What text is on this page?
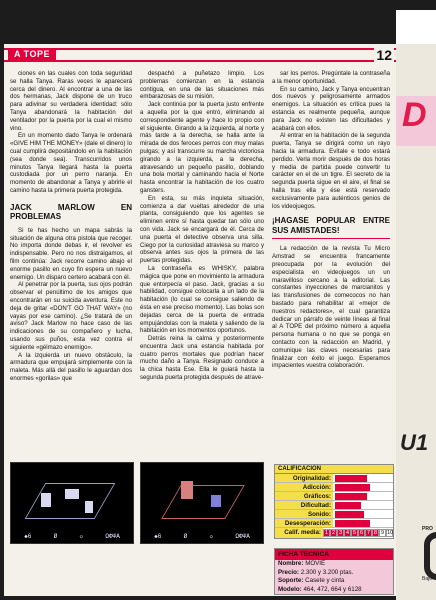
D
U1
PRO
Bajo
A TOPE	12

ciones en las cuales con toda seguridad se halla Tanya. Raras veces le aparecerá cerca del dinero. Al encontrar a una de las dos hermanas, Jack dispone de un truco para adivinar su verdadera identidad: sólo Tanya abandonará la habitación del ventilador por la puerta por la cual el mismo vino.

En un momento dado Tanya le ordenará «GIVE HIM THE MONEY» (dale el dinero) lo cual cumplirá depositándolo en la habitación (sea donde sea). Transcurridos unos minutos Tanya llegará hasta la puerta custodiada por un perro naranja. En momento de abandonar a Tanya y abrirle el camino hasta la primera puerta protegida.

JACK MARLOW EN PROBLEMAS

Si te has hecho un mapa sabrás la situación de alguna otra pistola que recoger. No importa donde debas ir, el revolver es indispensable. Pero no nos distraigamos, el film continúa: Jack recorre camino abajo el enorme pasillo en cuyo fin espera un nuevo enemigo. Un disparo certero acabará con él.

Al penetrar por la puerta, sus ojos podrán observar el penúltimo de los amigos que encontrarán en su suicida aventura. Este no deja de gritar «DON'T GO THAT WAY» (no vayas por ese camino). ¿Se tratará de un aviso? Jack Marlow no hace caso de las indicaciones de su compañero y lucha, usando sus puños, esta vez contra el siguiente «gélmazo enemigo».

A la izquierda un nuevo obstáculo, la armadura que empujará simplemente con la maleta. Más allá del pasillo le aguardan dos enormes «gorilas» que

despachó a puñetazo limpio. Los problemas comienzan en la estancia contigua, en una de las situaciones más embarazosas de su misión.

Jack continúa por la puerta justo enfrente a aquella por la que entró, eliminando al correspondiente agente y hace lo propio con el siguiente. Girando a la izquierda, al norte y más tarde a la derecha, se halla ante la mirada de dos feroces perros con muy malas pulgas; y así transcurre su marcha victoriosa girando a la izquierda, a la derecha, atravesando un pequeño pasillo, doblando una bola mortal y caminando hacia el Norte hasta encontrar la habitación de los cuatro gansters.

En esta, su más inquieta situación, comienza a dar vueltas alrededor de una planta, consiguiendo que los agentes se eliminen entre sí hasta quedar tan sólo uno con vida. Jack se encargará de él. Cerca de una puerta el detective observa una silla. Ciego por la curiosidad atraviesa su marco y observa antes sus ojos la primera de las puertas protegidas.

La contraseña es WHISKY, palabra mágica que pone en movimiento la armadura que entorpecía el paso. Jack, gracias a su habilidad, consigue colocarla a un lado de la habitación (lo cual se consigue saliendo de ésta en ese preciso momento). Las bolas son dejadas cerca de la puerta de entrada empujándolas con la maleta y saliendo de la habitación en los momentos oportunos.

Detrás reina la calma y posteriormente encuentra Jack una estancia habitada por cuatro perros mortales que podrían hacer mucho daño a Tanya. Resignado conduce a la chica hasta Ese. Ella le guiará hasta la segunda puerta protegida después de atrave-

sar los perros. Pregúntale la contraseña a la menor oportunidad.

En su camino, Jack y Tanya encuentran dos nuevos y peligrosamente armados enemigos. La situación es crítica pues la estancia es realmente pequeña, aunque para Jack no existen las dificultades y acabará con ellos.

Al entrar en la habitación de la segunda puerta, Tanya se dirigirá como un rayo hacia la armadura. Evítale e todo estará perdido. Verla morir después de dos horas y media de partida puede convertir tu carácter en el de un tigre. El secreto de la segunda puerta sigue en el aire, el final se halla tras ella y ése está reservado exclusivamente para auténticos genios de los videojuegos.

¡HAGASE POPULAR ENTRE SUS AMISTADES!

La redacción de la revista Tu Micro Amstrad se encuentra francamente preocupada por la evolución del especialista en videojuegos un un maravilloso cercano a la editorial. Las constantes inyecciones de marcianitos y las transfusiones de comecocos no han bastado para rehabilitar al «mejor de nuestros redactores», el cual garantiza dedicar un párrafo de veinte líneas al final al A TOPE del próximo número a aquella persona humana o no que se ponga en contacto con la redacción en Madrid, y comunique las claves necesarias para finalizar con éxito el juego. Esperamos impacientes vuestra colaboración.

♠6	Ø	☼	ΩΦΨΑ	♠6	Ø	☼	ΩΦΨΑ
CALIFICACION
Originalidad:
Adicción:
Gráficos:
Dificultad:
Sonido:
Desesperación:
Calif. media: 1 2 3 4 5 6 7 8 9 10
FICHA TECNICA
Nombre: MOVIE
Precio: 2.300 y 3.200 ptas.
Soporte: Casete y cinta
Modelo: 464, 472, 664 y 6128
